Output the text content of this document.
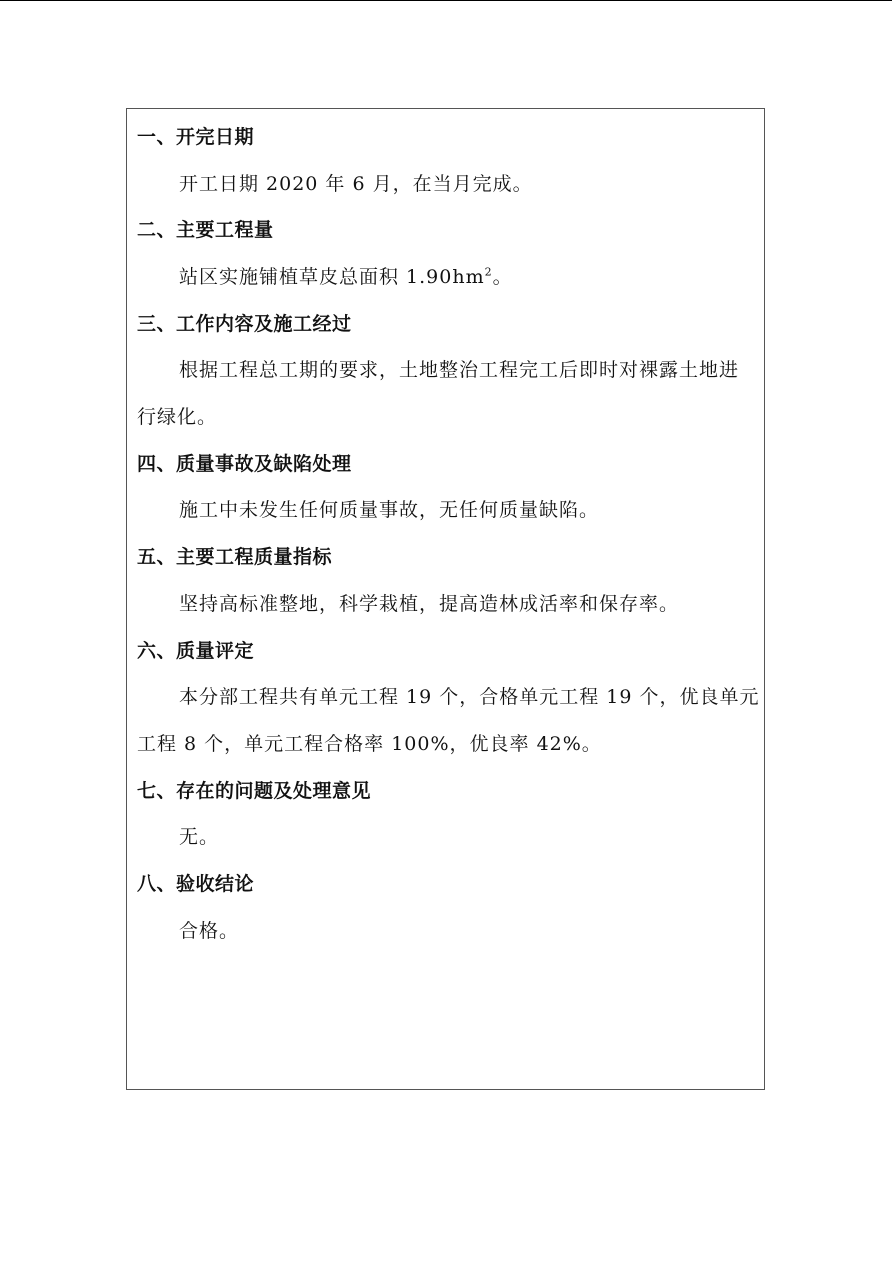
一、开完日期
开工日期 2020 年 6 月，在当月完成。
二、主要工程量
站区实施铺植草皮总面积 $1.90hm^2$。
三、工作内容及施工经过
根据工程总工期的要求，土地整治工程完工后即时对裸露土地进
行绿化。
四、质量事故及缺陷处理
施工中未发生任何质量事故，无任何质量缺陷。
五、主要工程质量指标
坚持高标准整地，科学栽植，提高造林成活率和保存率。
六、质量评定
本分部工程共有单元工程 19 个，合格单元工程 19 个，优良单元
工程 8 个，单元工程合格率 100%，优良率 42%。
七、存在的问题及处理意见
无。
八、验收结论
合格。
